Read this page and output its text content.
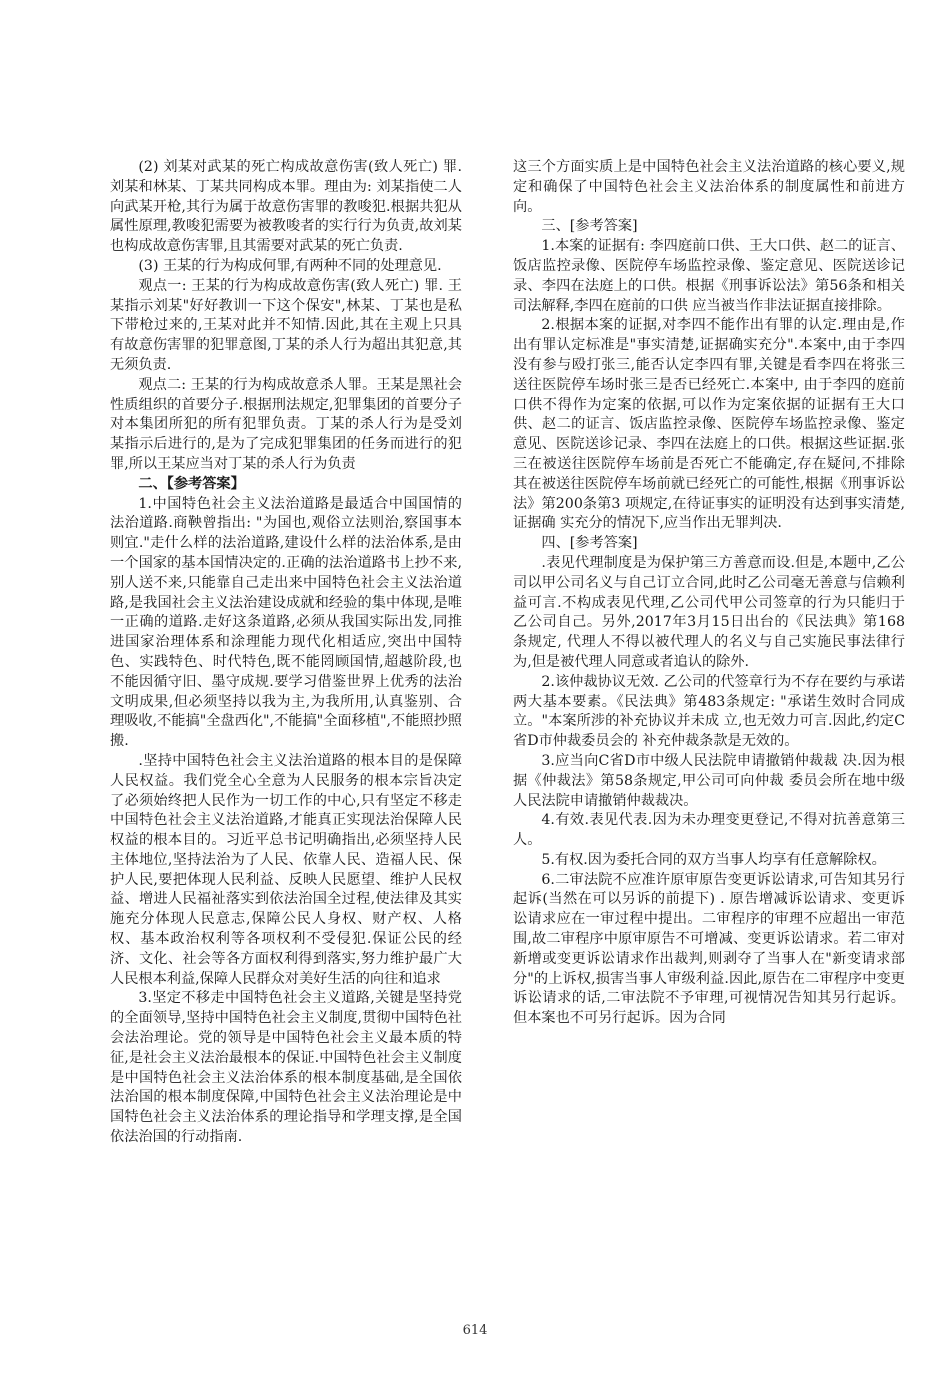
(2) 刘某对武某的死亡构成故意伤害(致人死亡) 罪. 刘某和林某、丁某共同构成本罪。理由为: 刘某指使二人向武某开枪,其行为属于故意伤害罪的教唆犯.根据共犯从属性原理,教唆犯需要为被教唆者的实行行为负责,故刘某也构成故意伤害罪,且其需要对武某的死亡负责.

(3) 王某的行为构成何罪,有两种不同的处理意见.

观点一: 王某的行为构成故意伤害(致人死亡) 罪. 王某指示刘某"好好教训一下这个保安",林某、丁某也是私下带枪过来的,王某对此并不知情.因此,其在主观上只具有故意伤害罪的犯罪意图,丁某的杀人行为超出其犯意,其无须负责.

观点二: 王某的行为构成故意杀人罪。王某是黑社会性质组织的首要分子.根据刑法规定,犯罪集团的首要分子对本集团所犯的所有犯罪负责。丁某的杀人行为是受刘某指示后进行的,是为了完成犯罪集团的任务而进行的犯罪,所以王某应当对丁某的杀人行为负责

二、【参考答案】

1.中国特色社会主义法治道路是最适合中国国情的法治道路.商鞅曾指出: "为国也,观俗立法则治,察国事本则宜."走什么样的法治道路,建设什么样的法治体系,是由一个国家的基本国情决定的.正确的法治道路书上抄不来,别人送不来,只能靠自己走出来中国特色社会主义法治道路,是我国社会主义法治建设成就和经验的集中体现,是唯一正确的道路.走好这条道路,必须从我国实际出发,同推进国家治理体系和涂理能力现代化相适应,突出中国特色、实践特色、时代特色,既不能罔顾国情,超越阶段,也不能因循守旧、墨守成规.要学习借鉴世界上优秀的法治文明成果,但必须坚持以我为主,为我所用,认真鉴别、合理吸收,不能搞"全盘西化",不能搞"全面移植",不能照抄照搬.

.坚持中国特色社会主义法治道路的根本目的是保障人民权益。我们党全心全意为人民服务的根本宗旨决定了必须始终把人民作为一切工作的中心,只有坚定不移走中国特色社会主义法治道路,才能真正实现法治保障人民权益的根本目的。习近平总书记明确指出,必须坚持人民主体地位,坚持法治为了人民、依靠人民、造福人民、保护人民,要把体现人民利益、反映人民愿望、维护人民权益、增进人民福祉落实到依法治国全过程,使法律及其实施充分体现人民意志,保障公民人身权、财产权、人格权、基本政治权利等各项权利不受侵犯.保证公民的经济、文化、社会等各方面权利得到落实,努力维护最广大人民根本利益,保障人民群众对美好生活的向往和追求

3.坚定不移走中国特色社会主义道路,关键是坚持党的全面领导,坚持中国特色社会主义制度,贯彻中国特色社会法治理论。党的领导是中国特色社会主义最本质的特征,是社会主义法治最根本的保证.中国特色社会主义制度是中国特色社会主义法治体系的根本制度基础,是全国依法治国的根本制度保障,中国特色社会主义法治理论是中国特色社会主义法治体系的理论指导和学理支撑,是全国依法治国的行动指南.

这三个方面实质上是中国特色社会主义法治道路的核心要义,规定和确保了中国特色社会主义法治体系的制度属性和前进方向。

三、[参考答案]

1.本案的证据有: 李四庭前口供、王大口供、赵二的证言、饭店监控录像、医院停车场监控录像、鉴定意见、医院送诊记录、李四在法庭上的口供。根据《刑事诉讼法》第56条和相关司法解释,李四在庭前的口供 应当被当作非法证据直接排除。

2.根据本案的证据,对李四不能作出有罪的认定.理由是,作出有罪认定标准是"事实清楚,证据确实充分".本案中,由于李四没有参与殴打张三,能否认定李四有罪,关键是看李四在将张三送往医院停车场时张三是否已经死亡.本案中, 由于李四的庭前口供不得作为定案的依据,可以作为定案依据的证据有王大口供、赵二的证言、饭店监控录像、医院停车场监控录像、鉴定意见、医院送诊记录、李四在法庭上的口供。根据这些证据.张三在被送往医院停车场前是否死亡不能确定,存在疑问,不排除其在被送往医院停车场前就已经死亡的可能性,根据《刑事诉讼法》第200条第3 项规定,在待证事实的证明没有达到事实清楚,证据确 实充分的情况下,应当作出无罪判决.

四、[参考答案]

.表见代理制度是为保护第三方善意而设.但是,本题中,乙公司以甲公司名义与自己订立合同,此时乙公司毫无善意与信赖利益可言.不构成表见代理,乙公司代甲公司签章的行为只能归于乙公司自己。另外,2017年3月15日出台的《民法典》第168条规定, 代理人不得以被代理人的名义与自己实施民事法律行 为,但是被代理人同意或者追认的除外.

2.该仲裁协议无效. 乙公司的代签章行为不存在要约与承诺两大基本要素。《民法典》第483条规定: "承诺生效时合同成立。"本案所涉的补充协议并未成 立,也无效力可言.因此,约定C省D市仲裁委员会的 补充仲裁条款是无效的。

3.应当向C省D市中级人民法院申请撤销仲裁裁 决.因为根据《仲裁法》第58条规定,甲公司可向仲裁 委员会所在地中级人民法院申请撤销仲裁裁决。

4.有效.表见代表.因为未办理变更登记,不得对抗善意第三人。

5.有权.因为委托合同的双方当事人均享有任意解除权。

6.二审法院不应准许原审原告变更诉讼请求,可告知其另行起诉(当然在可以另诉的前提下) . 原告增减诉讼请求、变更诉讼请求应在一审过程中提出。二审程序的审理不应超出一审范围,故二审程序中原审原告不可增减、变更诉讼请求。若二审对新增或变更诉讼请求作出裁判,则剥夺了当事人在"新变请求部分"的上诉权,损害当事人审级利益.因此,原告在二审程序中变更诉讼请求的话,二审法院不予审理,可视情况告知其另行起诉。但本案也不可另行起诉。因为合同

614
